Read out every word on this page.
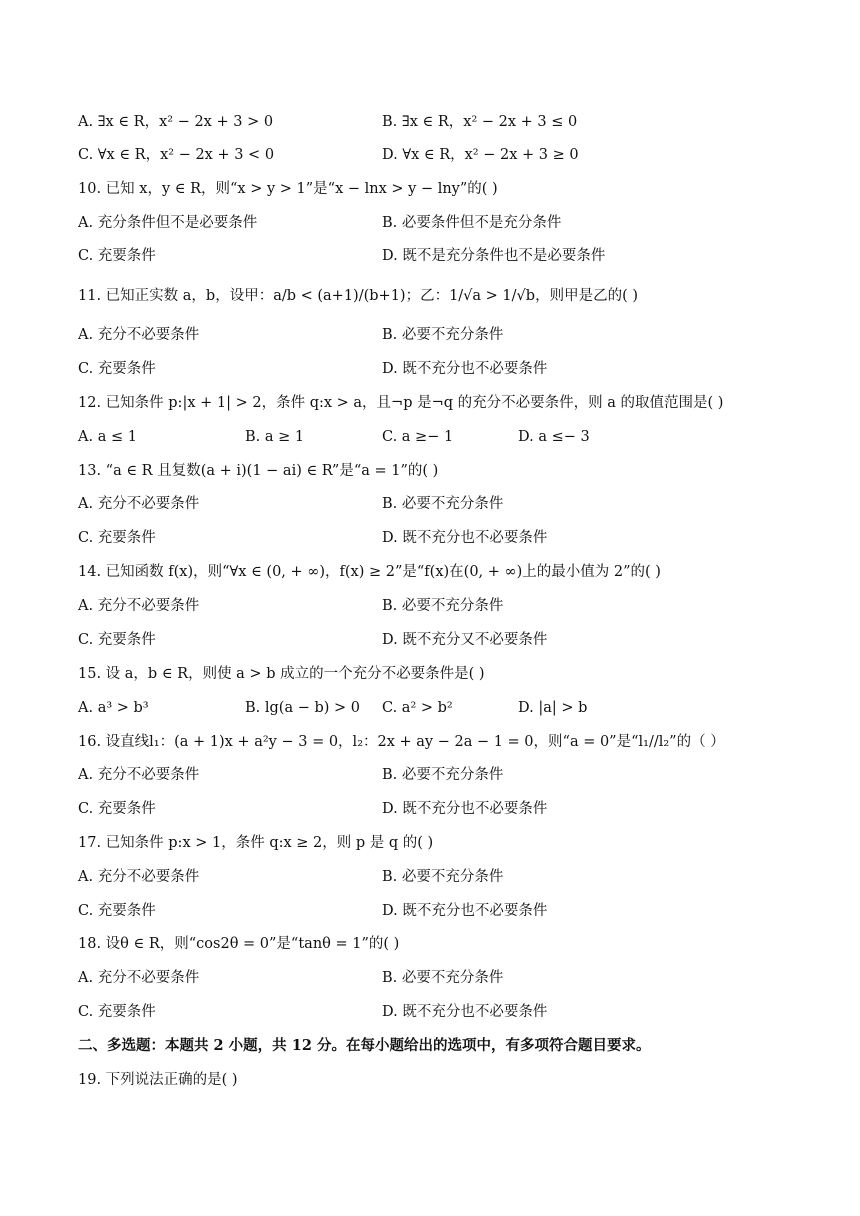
A. ∃x ∈ R，x² − 2x + 3 > 0	B. ∃x ∈ R，x² − 2x + 3 ≤ 0
C. ∀x ∈ R，x² − 2x + 3 < 0	D. ∀x ∈ R，x² − 2x + 3 ≥ 0
10. 已知 x，y ∈ R，则“x > y > 1”是“x − lnx > y − lny”的( )
A. 充分条件但不是必要条件	B. 必要条件但不是充分条件
C. 充要条件	D. 既不是充分条件也不是必要条件
11. 已知正实数 a，b，设甲：a/b < (a+1)/(b+1)；乙：1/√a > 1/√b，则甲是乙的( )
A. 充分不必要条件	B. 必要不充分条件
C. 充要条件	D. 既不充分也不必要条件
12. 已知条件 p:|x + 1| > 2，条件 q:x > a，且¬p 是¬q 的充分不必要条件，则 a 的取值范围是( )
A. a ≤ 1	B. a ≥ 1	C. a ≥− 1	D. a ≤− 3
13. “a ∈ R 且复数(a + i)(1 − ai) ∈ R”是“a = 1”的( )
A. 充分不必要条件	B. 必要不充分条件
C. 充要条件	D. 既不充分也不必要条件
14. 已知函数 f(x)，则“∀x ∈ (0, + ∞)，f(x) ≥ 2”是“f(x)在(0, + ∞)上的最小值为 2”的( )
A. 充分不必要条件	B. 必要不充分条件
C. 充要条件	D. 既不充分又不必要条件
15. 设 a，b ∈ R，则使 a > b 成立的一个充分不必要条件是( )
A. a³ > b³	B. lg(a − b) > 0 C. a² > b²	D. |a| > b
16. 设直线l₁：(a + 1)x + a²y − 3 = 0，l₂：2x + ay − 2a − 1 = 0，则“a = 0”是“l₁//l₂”的（ ）
A. 充分不必要条件	B. 必要不充分条件
C. 充要条件	D. 既不充分也不必要条件
17. 已知条件 p:x > 1，条件 q:x ≥ 2，则 p 是 q 的( )
A. 充分不必要条件	B. 必要不充分条件
C. 充要条件	D. 既不充分也不必要条件
18. 设θ ∈ R，则“cos2θ = 0”是“tanθ = 1”的( )
A. 充分不必要条件	B. 必要不充分条件
C. 充要条件	D. 既不充分也不必要条件
二、多选题：本题共 2 小题，共 12 分。在每小题给出的选项中，有多项符合题目要求。
19. 下列说法正确的是( )
